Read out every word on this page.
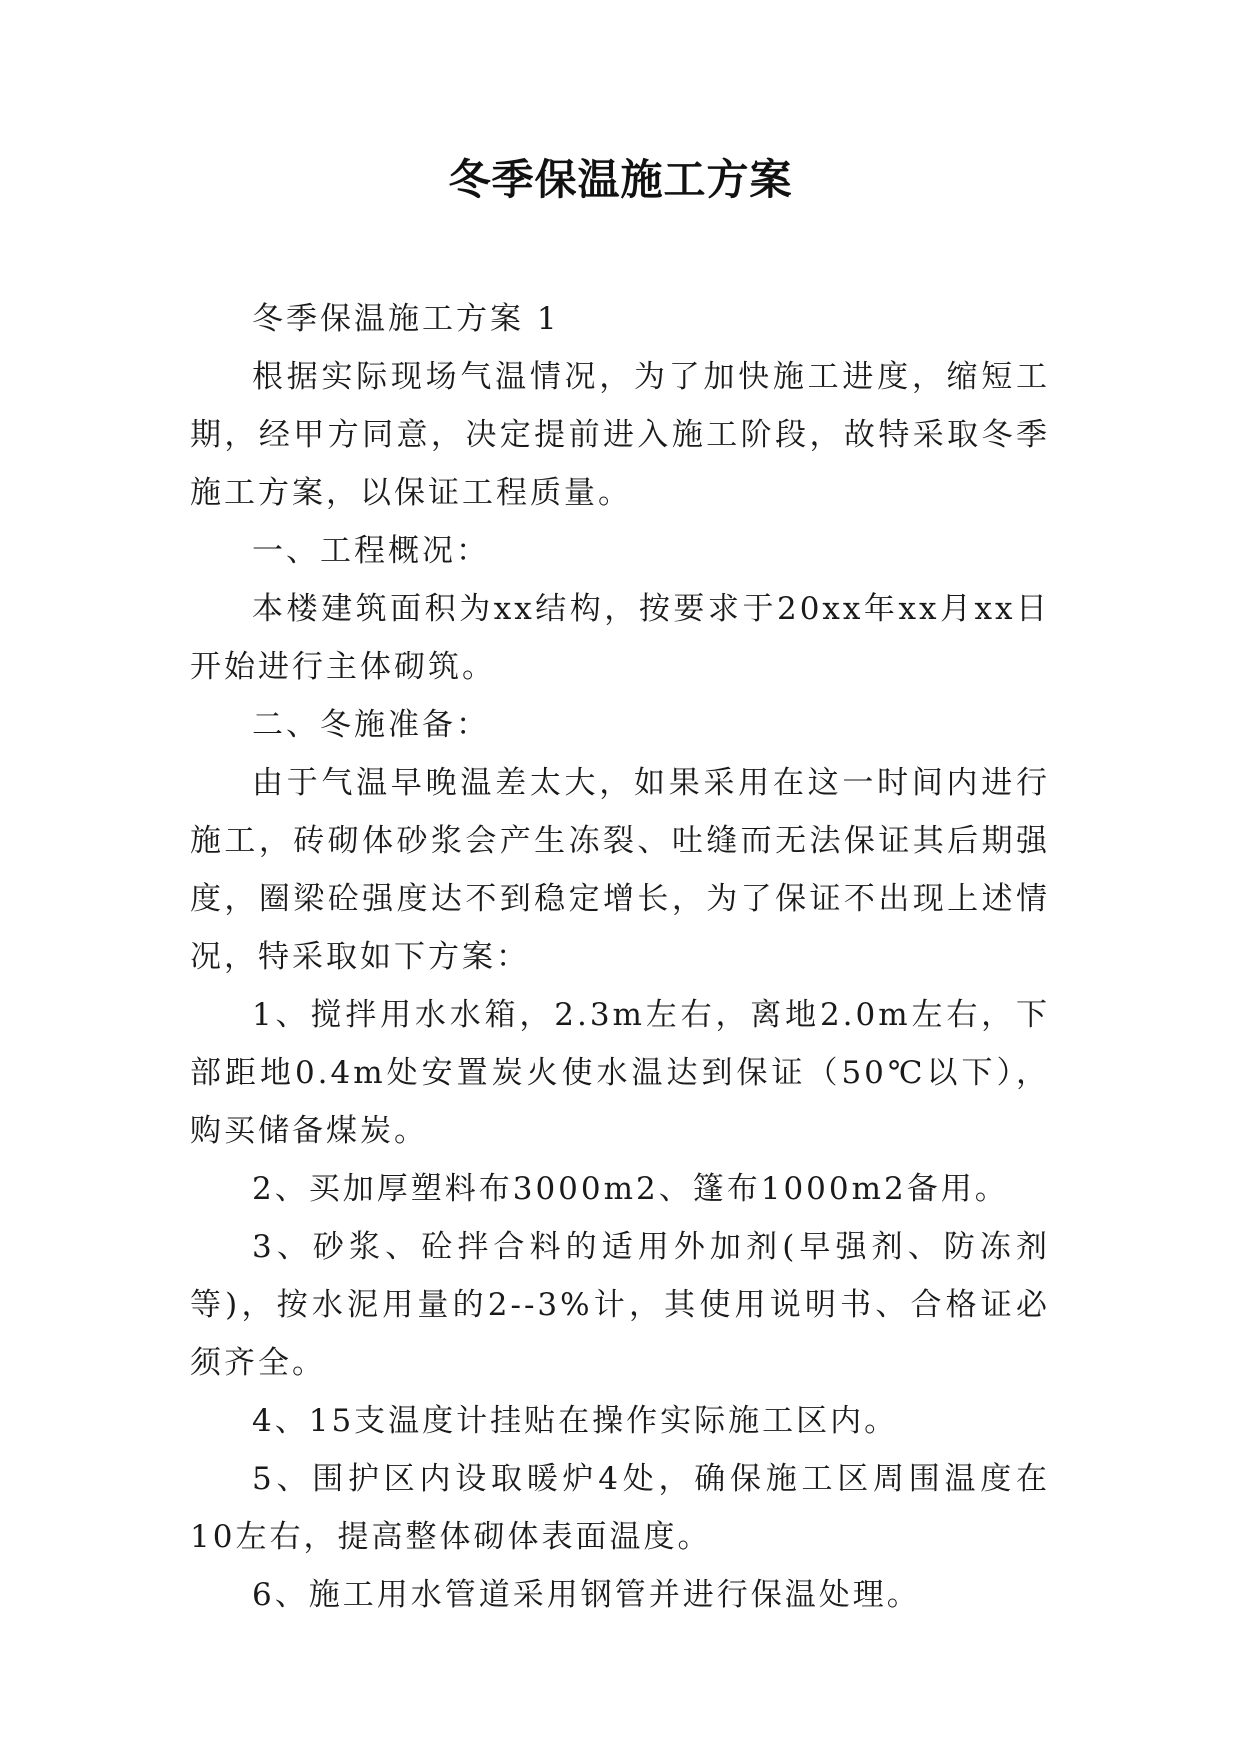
冬季保温施工方案

冬季保温施工方案 1

根据实际现场气温情况，为了加快施工进度，缩短工期，经甲方同意，决定提前进入施工阶段，故特采取冬季施工方案，以保证工程质量。

一、工程概况：

本楼建筑面积为xx结构，按要求于20xx年xx月xx日开始进行主体砌筑。

二、冬施准备：

由于气温早晚温差太大，如果采用在这一时间内进行施工，砖砌体砂浆会产生冻裂、吐缝而无法保证其后期强度，圈梁砼强度达不到稳定增长，为了保证不出现上述情况，特采取如下方案：

1、搅拌用水水箱，2.3m左右，离地2.0m左右，下部距地0.4m处安置炭火使水温达到保证（50℃以下），购买储备煤炭。

2、买加厚塑料布3000m2、篷布1000m2备用。

3、砂浆、砼拌合料的适用外加剂(早强剂、防冻剂等)，按水泥用量的2--3%计，其使用说明书、合格证必须齐全。

4、15支温度计挂贴在操作实际施工区内。

5、围护区内设取暖炉4处，确保施工区周围温度在10左右，提高整体砌体表面温度。

6、施工用水管道采用钢管并进行保温处理。
